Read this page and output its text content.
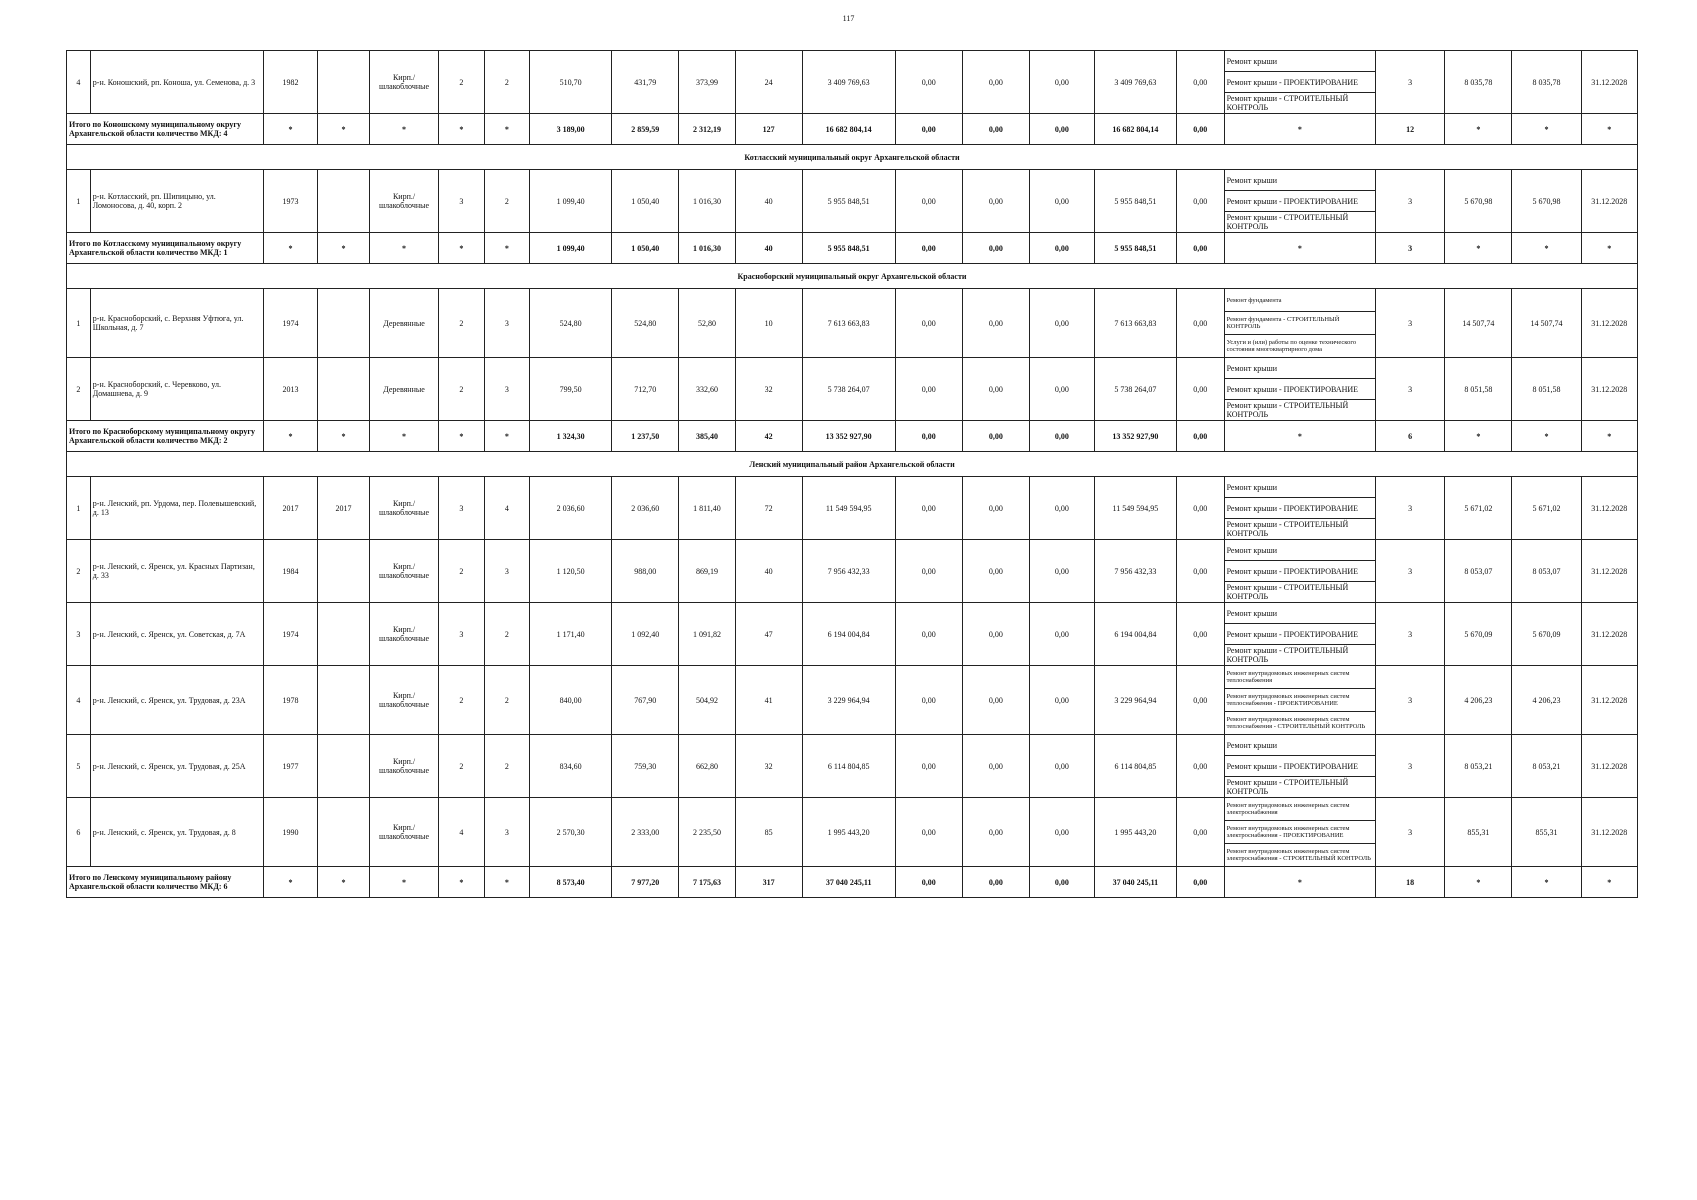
117
4	р-н. Коношский, рп. Коноша, ул. Семенова, д. 3	1982		Кирп./ шлакоблочные	2	2	510,70	431,79	373,99	24	3 409 769,63	0,00	0,00	0,00	3 409 769,63	0,00	Ремонт крыши	3	8 035,78	8 035,78	31.12.2028
																	Ремонт крыши - ПРОЕКТИРОВАНИЕ				
																	Ремонт крыши - СТРОИТЕЛЬНЫЙ КОНТРОЛЬ				
Итого по Коношскому муниципальному округу Архангельской области количество МКД: 4		*	*	*	*	*	3 189,00	2 859,59	2 312,19	127	16 682 804,14	0,00	0,00	0,00	16 682 804,14	0,00	*	12	*	*	*
Котласский муниципальный округ Архангельской области																					
1	р-н. Котласский, рп. Шипицыно, ул. Ломоносова, д. 40, корп. 2	1973		Кирп./ шлакоблочные	3	2	1 099,40	1 050,40	1 016,30	40	5 955 848,51	0,00	0,00	0,00	5 955 848,51	0,00	Ремонт крыши	3	5 670,98	5 670,98	31.12.2028
																	Ремонт крыши - ПРОЕКТИРОВАНИЕ				
																	Ремонт крыши - СТРОИТЕЛЬНЫЙ КОНТРОЛЬ				
Итого по Котласскому муниципальному округу Архангельской области количество МКД: 1		*	*	*	*	*	1 099,40	1 050,40	1 016,30	40	5 955 848,51	0,00	0,00	0,00	5 955 848,51	0,00	*	3	*	*	*
Красноборский муниципальный округ Архангельской области																					
1	р-н. Красноборский, с. Верхняя Уфтюга, ул. Школьная, д. 7	1974		Деревянные	2	3	524,80	524,80	52,80	10	7 613 663,83	0,00	0,00	0,00	7 613 663,83	0,00	Ремонт фундамента	3	14 507,74	14 507,74	31.12.2028
																	Ремонт фундамента - СТРОИТЕЛЬНЫЙ КОНТРОЛЬ				
																	Услуги и (или) работы по оценке технического состояния многоквартирного дома				
2	р-н. Красноборский, с. Черевково, ул. Домашнева, д. 9	2013		Деревянные	2	3	799,50	712,70	332,60	32	5 738 264,07	0,00	0,00	0,00	5 738 264,07	0,00	Ремонт крыши	3	8 051,58	8 051,58	31.12.2028
																	Ремонт крыши - ПРОЕКТИРОВАНИЕ				
																	Ремонт крыши - СТРОИТЕЛЬНЫЙ КОНТРОЛЬ				
Итого по Красноборскому муниципальному округу Архангельской области количество МКД: 2		*	*	*	*	*	1 324,30	1 237,50	385,40	42	13 352 927,90	0,00	0,00	0,00	13 352 927,90	0,00	*	6	*	*	*
Ленский муниципальный район Архангельской области																					
1	р-н. Ленский, рп. Урдома, пер. Полевышевский, д. 13	2017	2017	Кирп./ шлакоблочные	3	4	2 036,60	2 036,60	1 811,40	72	11 549 594,95	0,00	0,00	0,00	11 549 594,95	0,00	Ремонт крыши	3	5 671,02	5 671,02	31.12.2028
																	Ремонт крыши - ПРОЕКТИРОВАНИЕ				
																	Ремонт крыши - СТРОИТЕЛЬНЫЙ КОНТРОЛЬ				
2	р-н. Ленский, с. Яренск, ул. Красных Партизан, д. 33	1984		Кирп./ шлакоблочные	2	3	1 120,50	988,00	869,19	40	7 956 432,33	0,00	0,00	0,00	7 956 432,33	0,00	Ремонт крыши	3	8 053,07	8 053,07	31.12.2028
																	Ремонт крыши - ПРОЕКТИРОВАНИЕ				
																	Ремонт крыши - СТРОИТЕЛЬНЫЙ КОНТРОЛЬ				
3	р-н. Ленский, с. Яренск, ул. Советская, д. 7А	1974		Кирп./ шлакоблочные	3	2	1 171,40	1 092,40	1 091,82	47	6 194 004,84	0,00	0,00	0,00	6 194 004,84	0,00	Ремонт крыши	3	5 670,09	5 670,09	31.12.2028
																	Ремонт крыши - ПРОЕКТИРОВАНИЕ				
																	Ремонт крыши - СТРОИТЕЛЬНЫЙ КОНТРОЛЬ				
4	р-н. Ленский, с. Яренск, ул. Трудовая, д. 23А	1978		Кирп./ шлакоблочные	2	2	840,00	767,90	504,92	41	3 229 964,94	0,00	0,00	0,00	3 229 964,94	0,00	Ремонт внутридомовых инженерных систем теплоснабжения	3	4 206,23	4 206,23	31.12.2028
																	Ремонт внутридомовых инженерных систем теплоснабжения - ПРОЕКТИРОВАНИЕ				
																	Ремонт внутридомовых инженерных систем теплоснабжения - СТРОИТЕЛЬНЫЙ КОНТРОЛЬ				
5	р-н. Ленский, с. Яренск, ул. Трудовая, д. 25А	1977		Кирп./ шлакоблочные	2	2	834,60	759,30	662,80	32	6 114 804,85	0,00	0,00	0,00	6 114 804,85	0,00	Ремонт крыши	3	8 053,21	8 053,21	31.12.2028
																	Ремонт крыши - ПРОЕКТИРОВАНИЕ				
																	Ремонт крыши - СТРОИТЕЛЬНЫЙ КОНТРОЛЬ				
6	р-н. Ленский, с. Яренск, ул. Трудовая, д. 8	1990		Кирп./ шлакоблочные	4	3	2 570,30	2 333,00	2 235,50	85	1 995 443,20	0,00	0,00	0,00	1 995 443,20	0,00	Ремонт внутридомовых инженерных систем электроснабжения	3	855,31	855,31	31.12.2028
																	Ремонт внутридомовых инженерных систем электроснабжения - ПРОЕКТИРОВАНИЕ				
																	Ремонт внутридомовых инженерных систем электроснабжения - СТРОИТЕЛЬНЫЙ КОНТРОЛЬ				
Итого по Ленскому муниципальному району Архангельской области количество МКД: 6		*	*	*	*	*	8 573,40	7 977,20	7 175,63	317	37 040 245,11	0,00	0,00	0,00	37 040 245,11	0,00	*	18	*	*	*
